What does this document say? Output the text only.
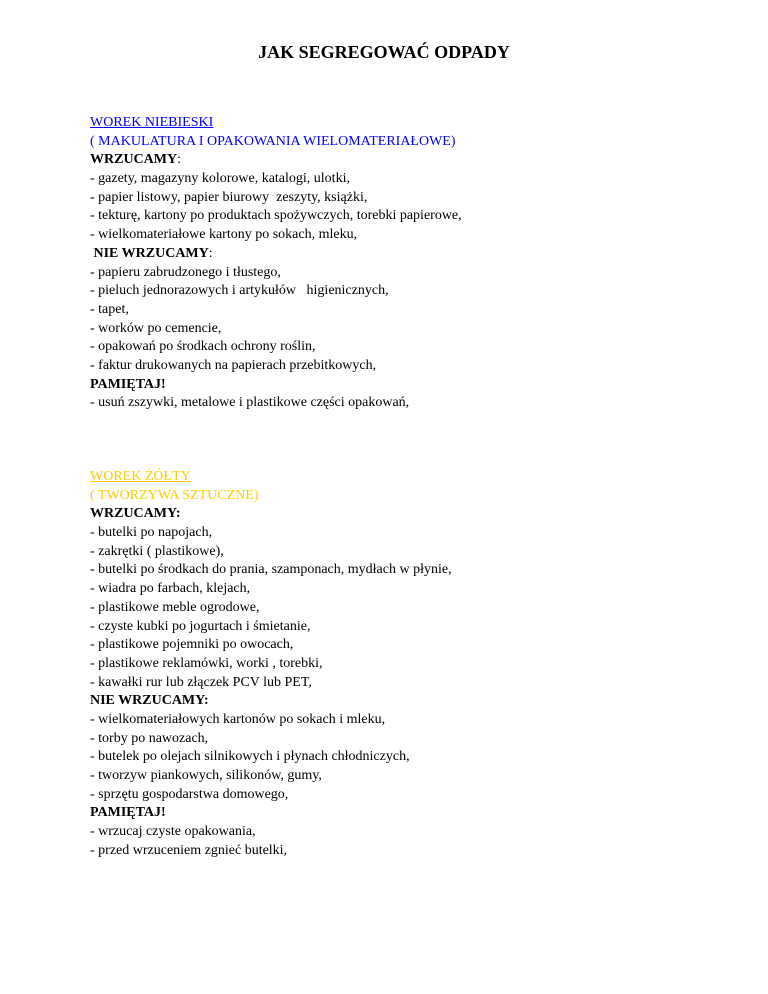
JAK SEGREGOWAĆ ODPADY
WOREK NIEBIESKI
( MAKULATURA I OPAKOWANIA WIELOMATERIAŁOWE)
WRZUCAMY:
- gazety, magazyny kolorowe, katalogi, ulotki,
- papier listowy, papier biurowy  zeszyty, książki,
- tekturę, kartony po produktach spożywczych, torebki papierowe,
- wielkomateriałowe kartony po sokach, mleku,
NIE WRZUCAMY:
- papieru zabrudzonego i tłustego,
- pieluch jednorazowych i artykułów   higienicznych,
- tapet,
- worków po cemencie,
- opakowań po środkach ochrony roślin,
- faktur drukowanych na papierach przebitkowych,
PAMIĘTAJ!
- usuń zszywki, metalowe i plastikowe części opakowań,
WOREK ŻÓŁTY
( TWORZYWA SZTUCZNE)
WRZUCAMY:
- butelki po napojach,
- zakrętki ( plastikowe),
- butelki po środkach do prania, szamponach, mydłach w płynie,
- wiadra po farbach, klejach,
- plastikowe meble ogrodowe,
- czyste kubki po jogurtach i śmietanie,
- plastikowe pojemniki po owocach,
- plastikowe reklamówki, worki , torebki,
- kawałki rur lub złączek PCV lub PET,
NIE WRZUCAMY:
- wielkomateriałowych kartonów po sokach i mleku,
- torby po nawozach,
- butelek po olejach silnikowych i płynach chłodniczych,
- tworzyw piankowych, silikonów, gumy,
- sprzętu gospodarstwa domowego,
PAMIĘTAJ!
- wrzucaj czyste opakowania,
- przed wrzuceniem zgnieć butelki,
